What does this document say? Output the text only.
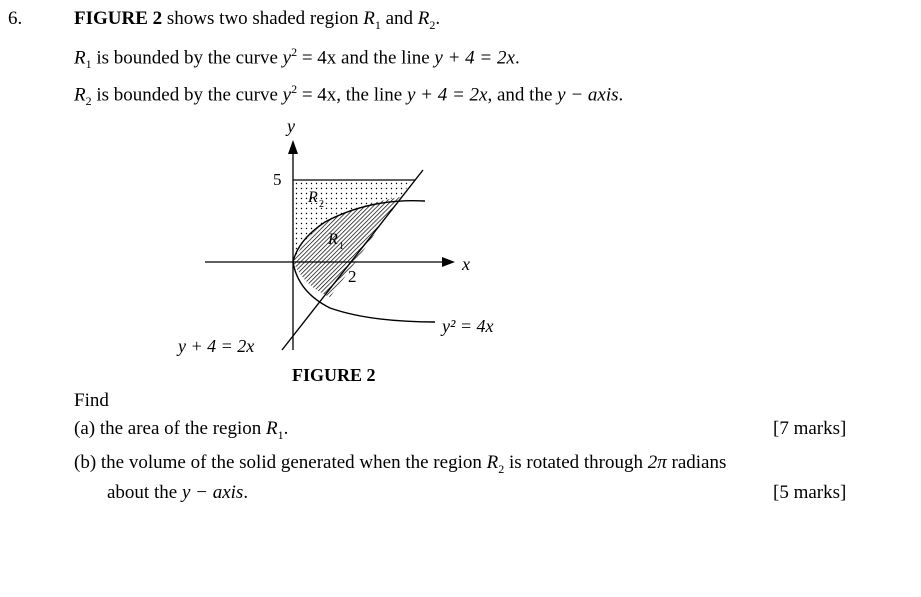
6.	FIGURE 2 shows two shaded region $R_1$ and $R_2$.
$R_1$ is bounded by the curve $y^2 = 4x$ and the line y + 4 = 2x.
$R_2$ is bounded by the curve $y^2 = 4x$, the line y + 4 = 2x, and the y − axis.
y
x
5
2
R 2
R 1
y² = 4x
y + 4 = 2x
FIGURE 2
Find
(a) the area of the region $R_1$.	[7 marks]
(b) the volume of the solid generated when the region $R_2$ is rotated through 2π radians
about the y − axis.	[5 marks]
